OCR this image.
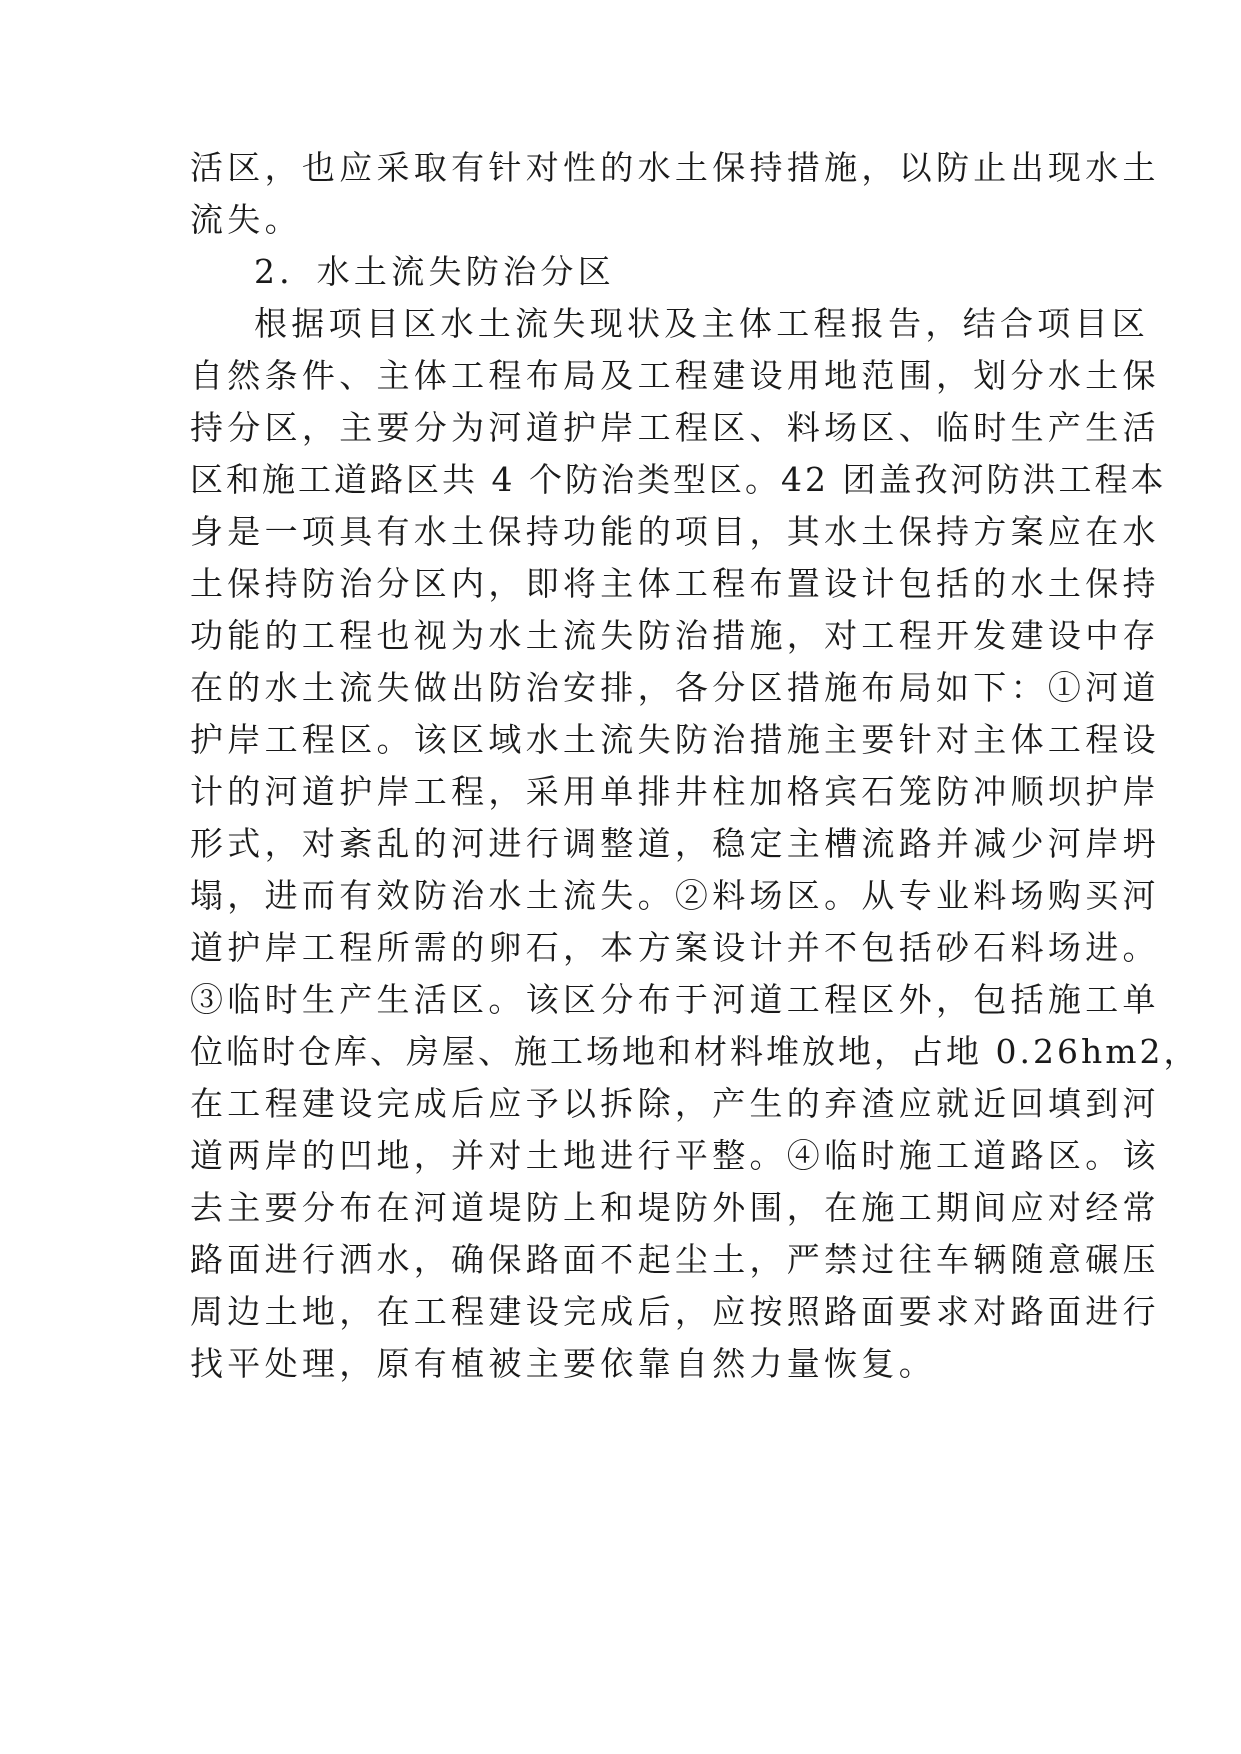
活区，也应采取有针对性的水土保持措施，以防止出现水土
流失。
2．水土流失防治分区
根据项目区水土流失现状及主体工程报告，结合项目区
自然条件、主体工程布局及工程建设用地范围，划分水土保
持分区，主要分为河道护岸工程区、料场区、临时生产生活
区和施工道路区共 4 个防治类型区。42 团盖孜河防洪工程本
身是一项具有水土保持功能的项目，其水土保持方案应在水
土保持防治分区内，即将主体工程布置设计包括的水土保持
功能的工程也视为水土流失防治措施，对工程开发建设中存
在的水土流失做出防治安排，各分区措施布局如下：①河道
护岸工程区。该区域水土流失防治措施主要针对主体工程设
计的河道护岸工程，采用单排井柱加格宾石笼防冲顺坝护岸
形式，对紊乱的河进行调整道，稳定主槽流路并减少河岸坍
塌，进而有效防治水土流失。②料场区。从专业料场购买河
道护岸工程所需的卵石，本方案设计并不包括砂石料场进。
③临时生产生活区。该区分布于河道工程区外，包括施工单
位临时仓库、房屋、施工场地和材料堆放地，占地 0.26hm2，
在工程建设完成后应予以拆除，产生的弃渣应就近回填到河
道两岸的凹地，并对土地进行平整。④临时施工道路区。该
去主要分布在河道堤防上和堤防外围，在施工期间应对经常
路面进行洒水，确保路面不起尘土，严禁过往车辆随意碾压
周边土地，在工程建设完成后，应按照路面要求对路面进行
找平处理，原有植被主要依靠自然力量恢复。
